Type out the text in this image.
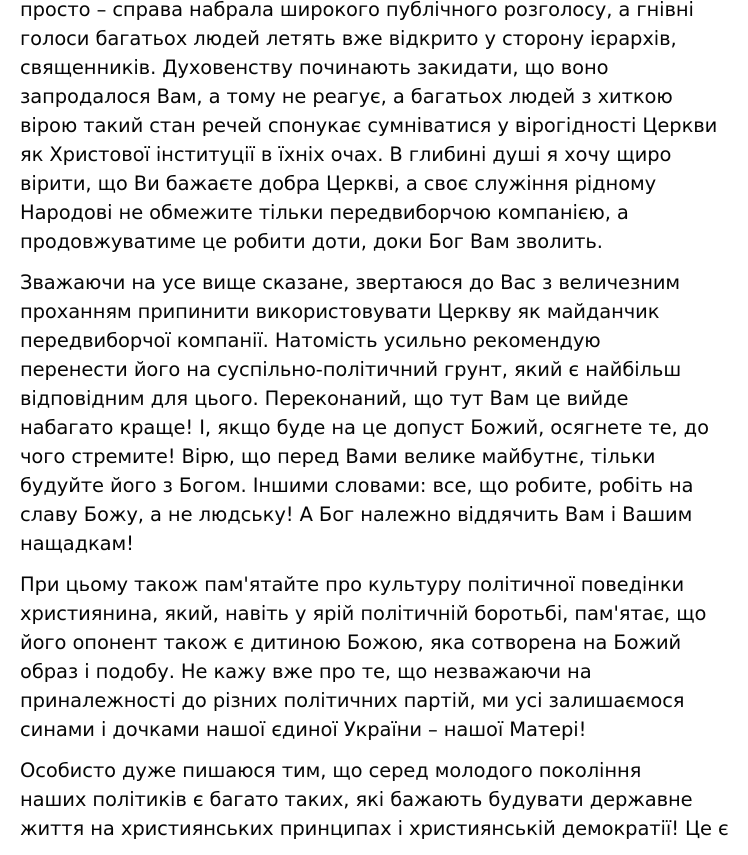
просто – справа набрала широкого публічного розголосу, а гнівні
голоси багатьох людей летять вже відкрито у сторону ієрархів,
священників. Духовенству починають закидати, що воно
запродалося Вам, а тому не реагує, а багатьох людей з хиткою
вірою такий стан речей спонукає сумніватися у вірогідності Церкви
як Христової інституції в їхніх очах. В глибині душі я хочу щиро
вірити, що Ви бажаєте добра Церкві, а своє служіння рідному
Народові не обмежите тільки передвиборчою компанією, а
продовжуватиме це робити доти, доки Бог Вам зволить.
Зважаючи на усе вище сказане, звертаюся до Вас з величезним
проханням припинити використовувати Церкву як майданчик
передвиборчої компанії. Натомість усильно рекомендую
перенести його на суспільно-політичний грунт, який є найбільш
відповідним для цього. Переконаний, що тут Вам це вийде
набагато краще! І, якщо буде на це допуст Божий, осягнете те, до
чого стремите! Вірю, що перед Вами велике майбутнє, тільки
будуйте його з Богом. Іншими словами: все, що робите, робіть на
славу Божу, а не людську! А Бог належно віддячить Вам і Вашим
нащадкам!
При цьому також пам'ятайте про культуру політичної поведінки
християнина, який, навіть у ярій політичній боротьбі, пам'ятає, що
його опонент також є дитиною Божою, яка сотворена на Божий
образ і подобу. Не кажу вже про те, що незважаючи на
приналежності до різних політичних партій, ми усі залишаємося
синами і дочками нашої єдиної України – нашої Матері!
Особисто дуже пишаюся тим, що серед молодого покоління
наших політиків є багато таких, які бажають будувати державне
життя на християнських принципах і християнській демократії! Це є
